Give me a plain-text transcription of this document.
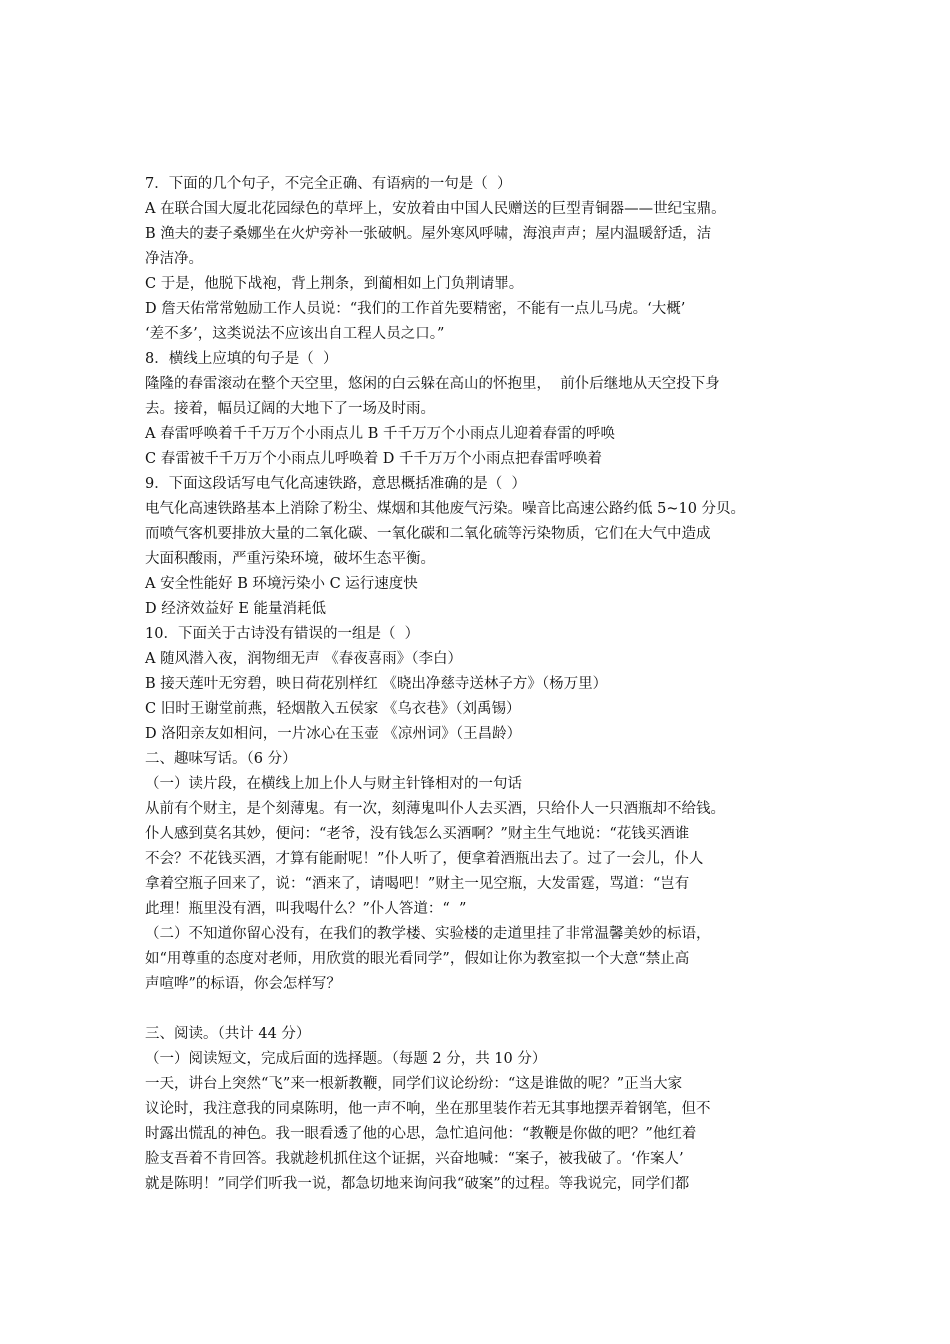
7．下面的几个句子，不完全正确、有语病的一句是（  ）
A 在联合国大厦北花园绿色的草坪上，安放着由中国人民赠送的巨型青铜器——世纪宝鼎。
B 渔夫的妻子桑娜坐在火炉旁补一张破帆。屋外寒风呼啸，海浪声声；屋内温暖舒适，洁
净洁净。
C 于是，他脱下战袍，背上荆条，到蔺相如上门负荆请罪。
D 詹天佑常常勉励工作人员说：“我们的工作首先要精密，不能有一点儿马虎。‘大概’
‘差不多’，这类说法不应该出自工程人员之口。”
8．横线上应填的句子是（  ）
隆隆的春雷滚动在整个天空里，悠闲的白云躲在高山的怀抱里，  前仆后继地从天空投下身
去。接着，幅员辽阔的大地下了一场及时雨。
A 春雷呼唤着千千万万个小雨点儿 B 千千万万个小雨点儿迎着春雷的呼唤
C 春雷被千千万万个小雨点儿呼唤着 D 千千万万个小雨点把春雷呼唤着
9．下面这段话写电气化高速铁路，意思概括准确的是（  ）
电气化高速铁路基本上消除了粉尘、煤烟和其他废气污染。噪音比高速公路约低 5~10 分贝。
而喷气客机要排放大量的二氧化碳、一氧化碳和二氧化硫等污染物质，它们在大气中造成
大面积酸雨，严重污染环境，破坏生态平衡。
A 安全性能好 B 环境污染小 C 运行速度快
D 经济效益好 E 能量消耗低
10．下面关于古诗没有错误的一组是（  ）
A 随风潜入夜，润物细无声 《春夜喜雨》（李白）
B 接天莲叶无穷碧，映日荷花别样红 《晓出净慈寺送林子方》（杨万里）
C 旧时王谢堂前燕，轻烟散入五侯家 《乌衣巷》（刘禹锡）
D 洛阳亲友如相问，一片冰心在玉壶 《凉州词》（王昌龄）
二、趣味写话。（6 分）
（一）读片段，在横线上加上仆人与财主针锋相对的一句话
从前有个财主，是个刻薄鬼。有一次，刻薄鬼叫仆人去买酒，只给仆人一只酒瓶却不给钱。
仆人感到莫名其妙，便问：“老爷，没有钱怎么买酒啊？”财主生气地说：“花钱买酒谁
不会？不花钱买酒，才算有能耐呢！”仆人听了，便拿着酒瓶出去了。过了一会儿，仆人
拿着空瓶子回来了，说：“酒来了，请喝吧！”财主一见空瓶，大发雷霆，骂道：“岂有
此理！瓶里没有酒，叫我喝什么？”仆人答道：“  ”
（二）不知道你留心没有，在我们的教学楼、实验楼的走道里挂了非常温馨美妙的标语，
如“用尊重的态度对老师，用欣赏的眼光看同学”，假如让你为教室拟一个大意“禁止高
声喧哗”的标语，你会怎样写？
三、阅读。（共计 44 分）
（一）阅读短文，完成后面的选择题。（每题 2 分，共 10 分）
一天，讲台上突然“飞”来一根新教鞭，同学们议论纷纷：“这是谁做的呢？”正当大家
议论时，我注意我的同桌陈明，他一声不响，坐在那里装作若无其事地摆弄着钢笔，但不
时露出慌乱的神色。我一眼看透了他的心思，急忙追问他：“教鞭是你做的吧？”他红着
脸支吾着不肯回答。我就趁机抓住这个证据，兴奋地喊：“案子，被我破了。‘作案人’
就是陈明！”同学们听我一说，都急切地来询问我“破案”的过程。等我说完，同学们都
